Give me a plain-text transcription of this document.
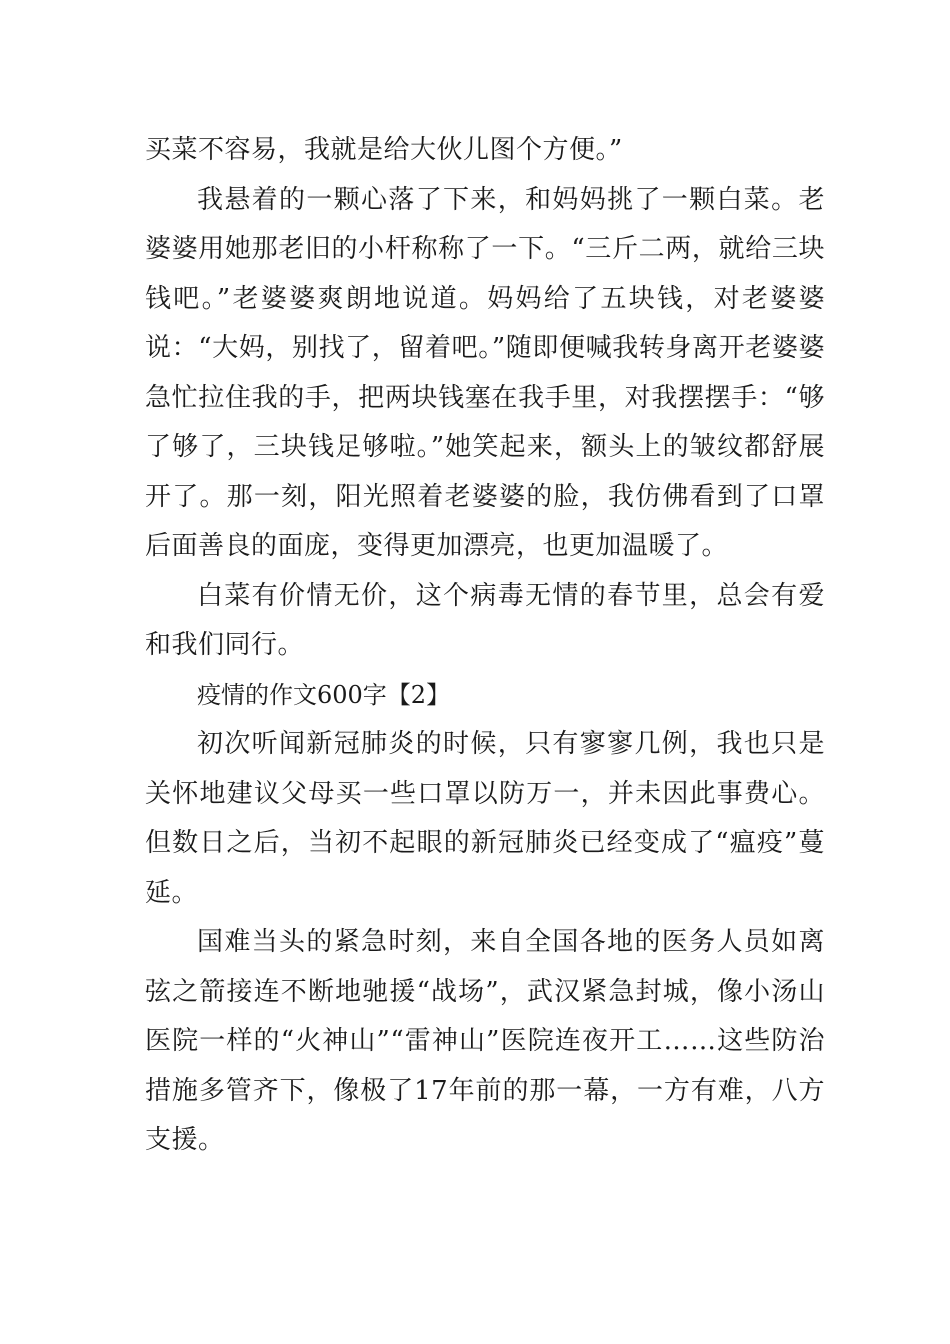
买菜不容易，我就是给大伙儿图个方便。”

我悬着的一颗心落了下来，和妈妈挑了一颗白菜。老婆婆用她那老旧的小杆称称了一下。“三斤二两，就给三块钱吧。”老婆婆爽朗地说道。妈妈给了五块钱，对老婆婆说：“大妈，别找了，留着吧。”随即便喊我转身离开老婆婆急忙拉住我的手，把两块钱塞在我手里，对我摆摆手：“够了够了，三块钱足够啦。”她笑起来，额头上的皱纹都舒展开了。那一刻，阳光照着老婆婆的脸，我仿佛看到了口罩后面善良的面庞，变得更加漂亮，也更加温暖了。

白菜有价情无价，这个病毒无情的春节里，总会有爱和我们同行。

疫情的作文600字【2】

初次听闻新冠肺炎的时候，只有寥寥几例，我也只是关怀地建议父母买一些口罩以防万一，并未因此事费心。但数日之后，当初不起眼的新冠肺炎已经变成了“瘟疫”蔓延。

国难当头的紧急时刻，来自全国各地的医务人员如离弦之箭接连不断地驰援“战场”，武汉紧急封城，像小汤山医院一样的“火神山”“雷神山”医院连夜开工……这些防治措施多管齐下，像极了17年前的那一幕，一方有难，八方支援。
